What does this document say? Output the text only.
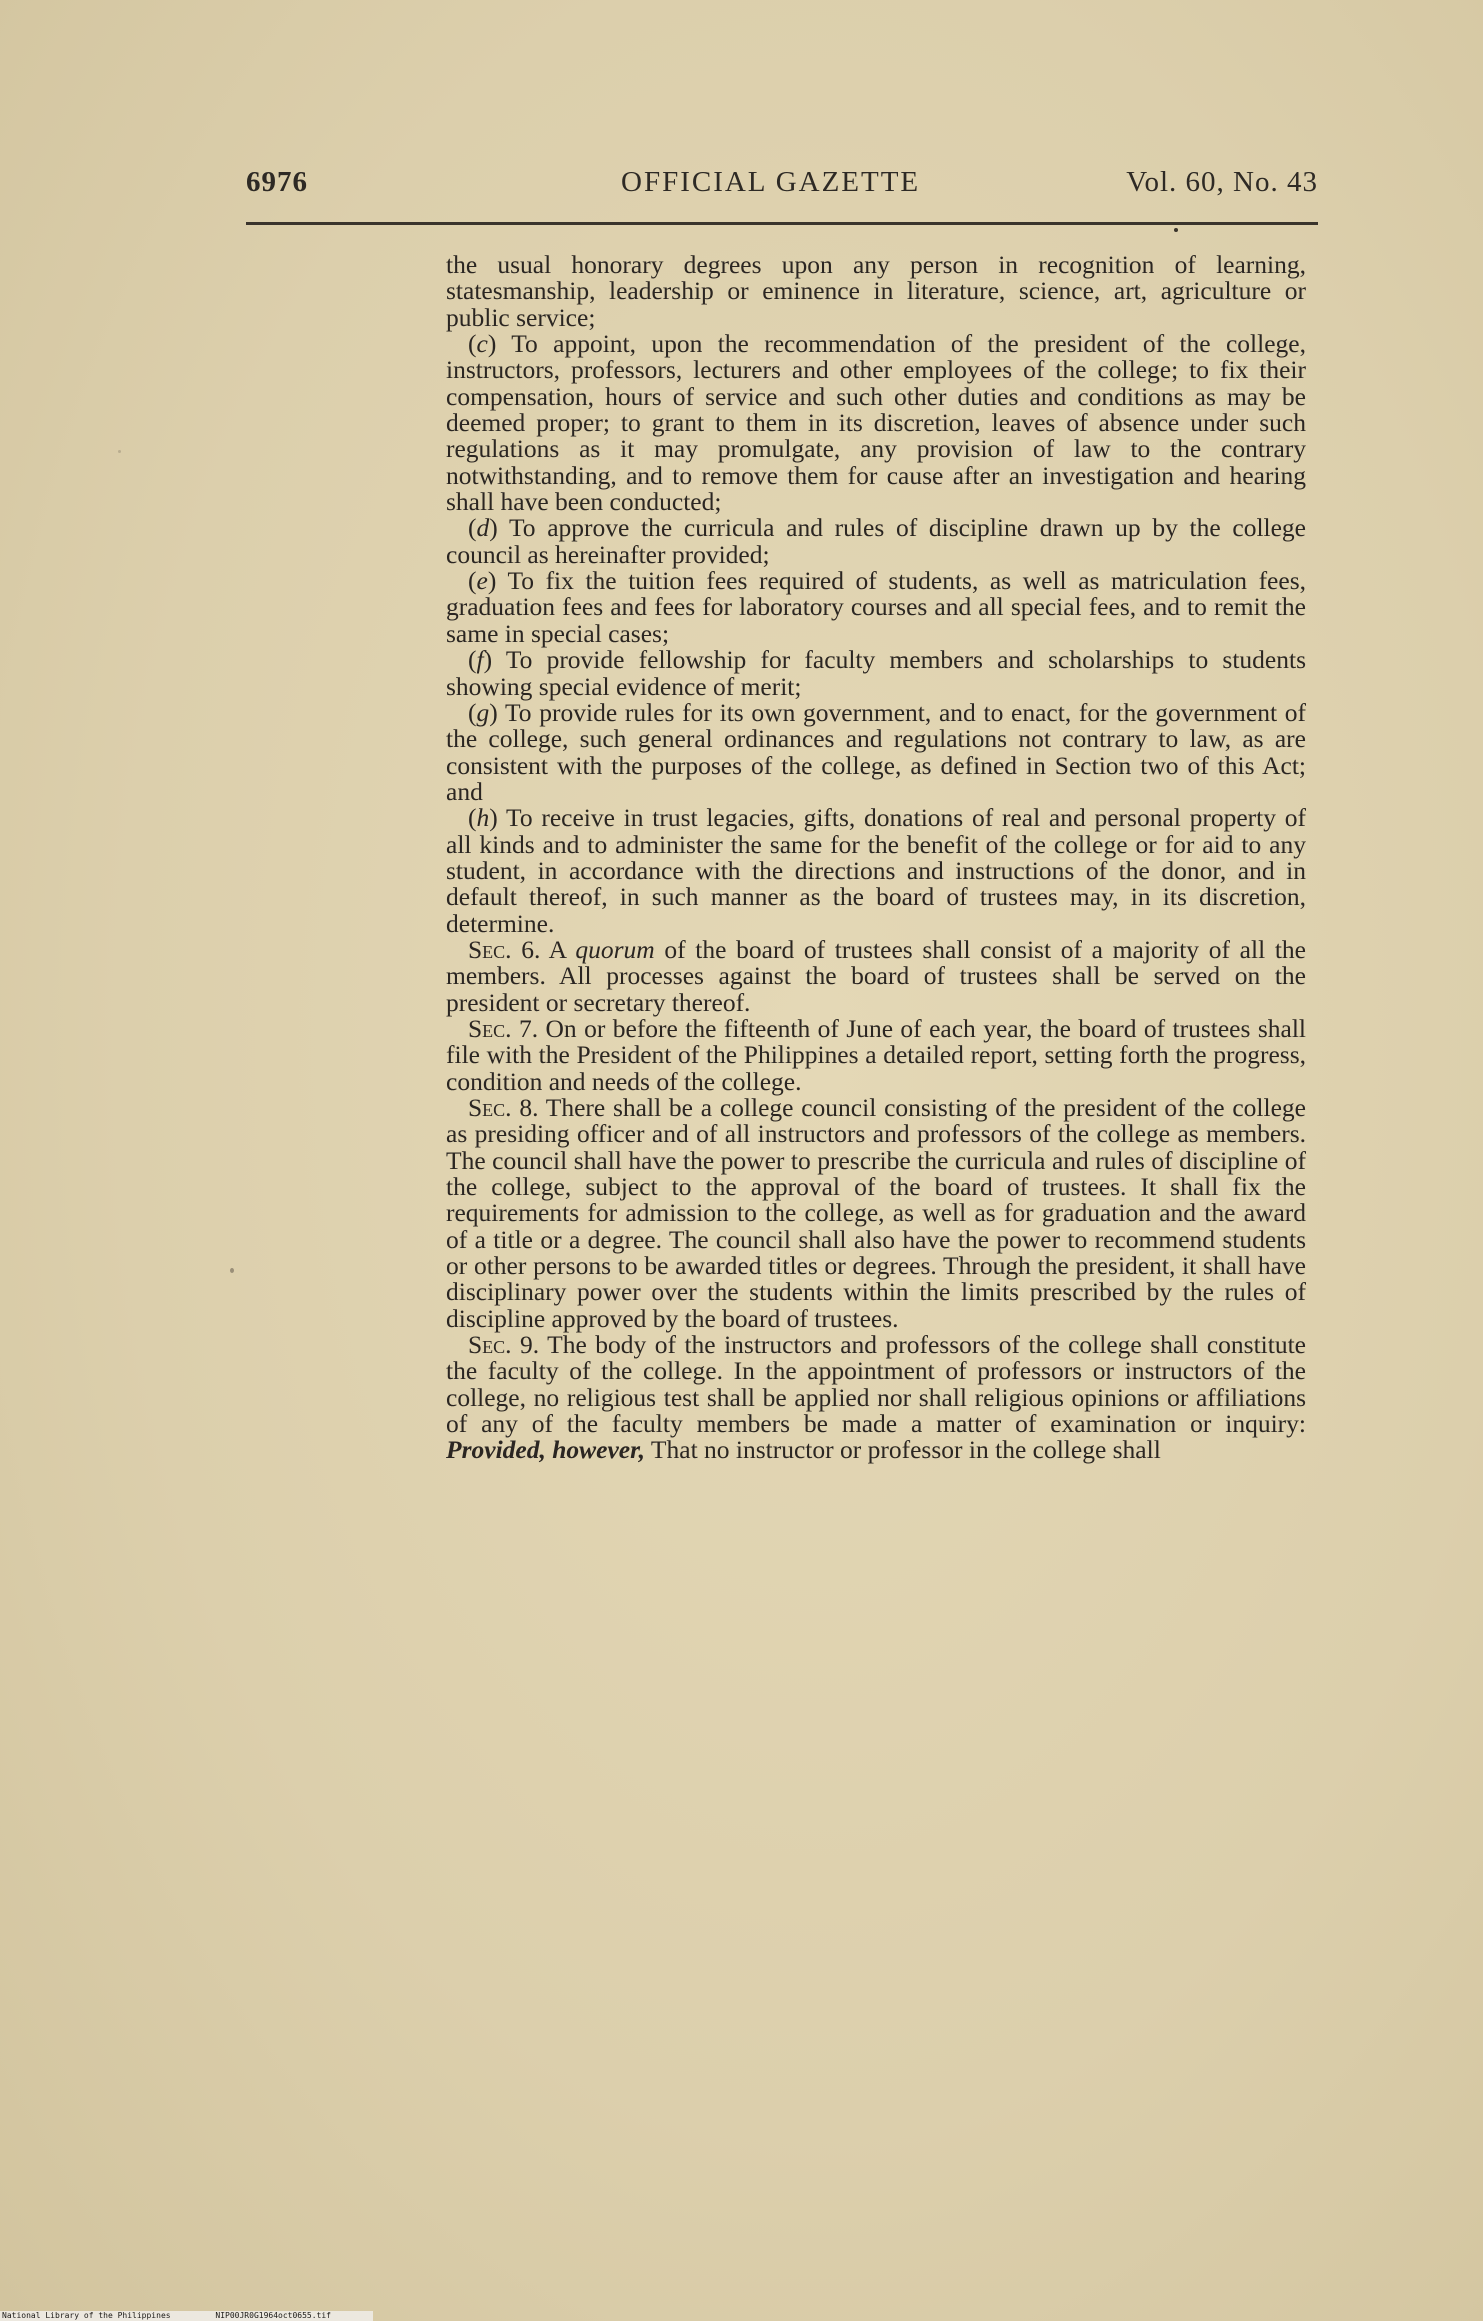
6976	OFFICIAL GAZETTE	Vol. 60, No. 43

the usual honorary degrees upon any person in recognition of learning, statesmanship, leadership or eminence in literature, science, art, agriculture or public service;

(c) To appoint, upon the recommendation of the president of the college, instructors, professors, lecturers and other employees of the college; to fix their compensation, hours of service and such other duties and conditions as may be deemed proper; to grant to them in its discretion, leaves of absence under such regulations as it may promulgate, any provision of law to the contrary notwithstanding, and to remove them for cause after an investigation and hearing shall have been conducted;

(d) To approve the curricula and rules of discipline drawn up by the college council as hereinafter provided;

(e) To fix the tuition fees required of students, as well as matriculation fees, graduation fees and fees for laboratory courses and all special fees, and to remit the same in special cases;

(f) To provide fellowship for faculty members and scholarships to students showing special evidence of merit;

(g) To provide rules for its own government, and to enact, for the government of the college, such general ordinances and regulations not contrary to law, as are consistent with the purposes of the college, as defined in Section two of this Act; and

(h) To receive in trust legacies, gifts, donations of real and personal property of all kinds and to administer the same for the benefit of the college or for aid to any student, in accordance with the directions and instructions of the donor, and in default thereof, in such manner as the board of trustees may, in its discretion, determine.

Sec. 6. A quorum of the board of trustees shall consist of a majority of all the members. All processes against the board of trustees shall be served on the president or secretary thereof.

Sec. 7. On or before the fifteenth of June of each year, the board of trustees shall file with the President of the Philippines a detailed report, setting forth the progress, condition and needs of the college.

Sec. 8. There shall be a college council consisting of the president of the college as presiding officer and of all instructors and professors of the college as members. The council shall have the power to prescribe the curricula and rules of discipline of the college, subject to the approval of the board of trustees. It shall fix the requirements for admission to the college, as well as for graduation and the award of a title or a degree. The council shall also have the power to recommend students or other persons to be awarded titles or degrees. Through the president, it shall have disciplinary power over the students within the limits prescribed by the rules of discipline approved by the board of trustees.

Sec. 9. The body of the instructors and professors of the college shall constitute the faculty of the college. In the appointment of professors or instructors of the college, no religious test shall be applied nor shall religious opinions or affiliations of any of the faculty members be made a matter of examination or inquiry: Provided, however, That no instructor or professor in the college shall

National Library of the Philippines	NIP00JR0G1964oct0655.tif
